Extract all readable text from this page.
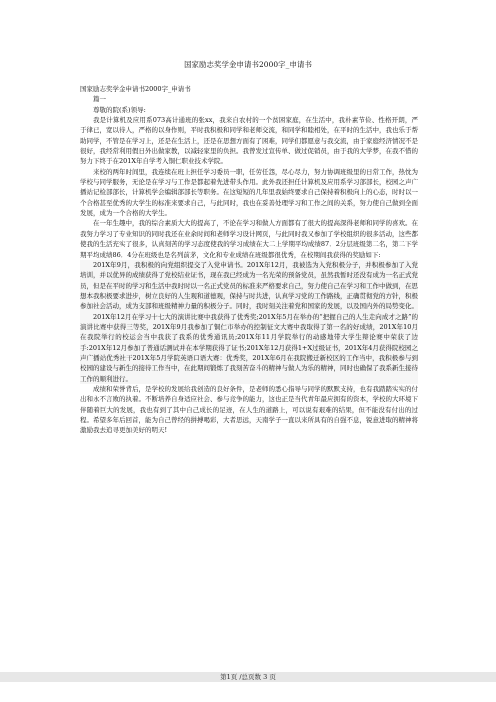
国家励志奖学金申请书2000字_申请书

国家励志奖学金申请书2000字_申请书

篇一

尊敬的院(系)领导:

我是计算机及应用系073高计通班的张xx，我来自农村的一个贫困家庭，在生活中，我朴素节俭、性格开朗，严于律已，宽以待人，严格的以身作则，平时我积极和同学和老师交流，和同学和睦相处，在平时的生活中，我也乐于帮助同学，不管是在学习上，还是在生活上，还是在思想方面有了困难，同学们都愿意与我交流，由于家庭经济情况不是很好，我经常利用假日外出做家教，以减轻家里的负担。我曾发过宣传单、做过促销员，由于我的大学梦，在我不惜的努力下终于在201X年自学考入铜仁职业技术学院。

来校的两年时间里，我连续在班上担任学习委员一职，任劳任怨，尽心尽力，努力协调班级里的日常工作，热忱为学校与同学服务，无论是在学习与工作是都起着先进带头作用。此外我还担任计算机及应用系学习部部长，校园之声广播站记检部部长，计算机学会编辑部部长等职务。在这短短的几年里我始终要求自己保持着积极向上的心态，时时以一个合格甚至优秀的大学生的标准来要求自己，与此同时，我也在妥善处理学习和工作之间的关系，努力使自己做到全面发展，成为一个合格的大学生。

在一年生趣中，我的综合素质大大的提高了，不论在学习和做人方面都有了很大的提高深得老师和同学的喜欢。在我努力学习了专业知识的同时我还在业余时间和老师学习设计网页，与此同时我又参加了学校组织的很多活动，这些都使我的生活充实了很多，认真刻苦的学习态度使我的学习成绩在大二上学期平均成绩87．2分层班级第二名，第二下学期平均成绩86．4分在班级也是名列前茅，文化和专业成绩在班级都很优秀，在校期间我获得的奖励如下:

201X年9月，我积极的向党组织提交了入党申请书。201X年12月，我被选为入党积极分子，并积极参加了入党培训，并以优异的成绩获得了党校结业证书，现在我已经成为一名光荣的预备党员，虽然我暂时还没有成为一名正式党员，但是在平时的学习和生活中我时时以一名正式党员的标准来严格要求自己，努力使自己在学习和工作中做到，在思想本我积极要求进步，树立良好的人生观和道德观，保持与时共进，认真学习党的工作路线，正确贯彻党的方针，积极参加社会活动，成为支部和班级精神力量的积极分子。同时，我时刻关注着党和国家的发展，以及国内外的局势变化。

201X年12月在学习十七大的演讲比赛中我获得了优秀奖;201X年5月在举办的“把握自己的人生走向成才之路”的演讲比赛中获得三等奖，201X年9月我参加了铜仁市举办的控制征文大赛中我取得了第一名的好成绩，201X年10月在我院举行的校运会当中我获了我系的优秀通讯员;201X年11月学院举行的动感地带大学生辩论赛中荣获了边手:201X年12月参加了普通话测试并在本学期获得了证书;201X年12月获得1+X过级证书，201X年4月获得院校园之声广播站优秀社干201X年5月学院英语口语大赛：优秀奖，201X年6月在我院搬迁新校区的工作当中，我积极参与到校园的建设与新生的接待工作当中，在此期间锻炼了我刻苦奋斗的精神与做人为乐的精神，同时也确保了我系新生接待工作的顺利进行。

成绩和荣誉背后，是学校的发展给我创造的良好条件，是老师的悉心指导与同学的默默支持，也有我踏踏实实的付出和永不言败的执着。不断培养自身适应社会、参与竞争的能力，这也正是当代青年最应拥有的资本，学校的大环境下伴随着巨大的发展，我也有到了其中自己成长的足迹，在人生的道路上，可以说有艰难的结果，但不能没有付出的过程。希望多年后回首，能为自己曾经的拼搏喝彩，大者思远，天南学子一直以来所具有的自强不息，锐意进取的精神将激励我去追寻更加美好的明天!

第1页 /总页数 3 页
